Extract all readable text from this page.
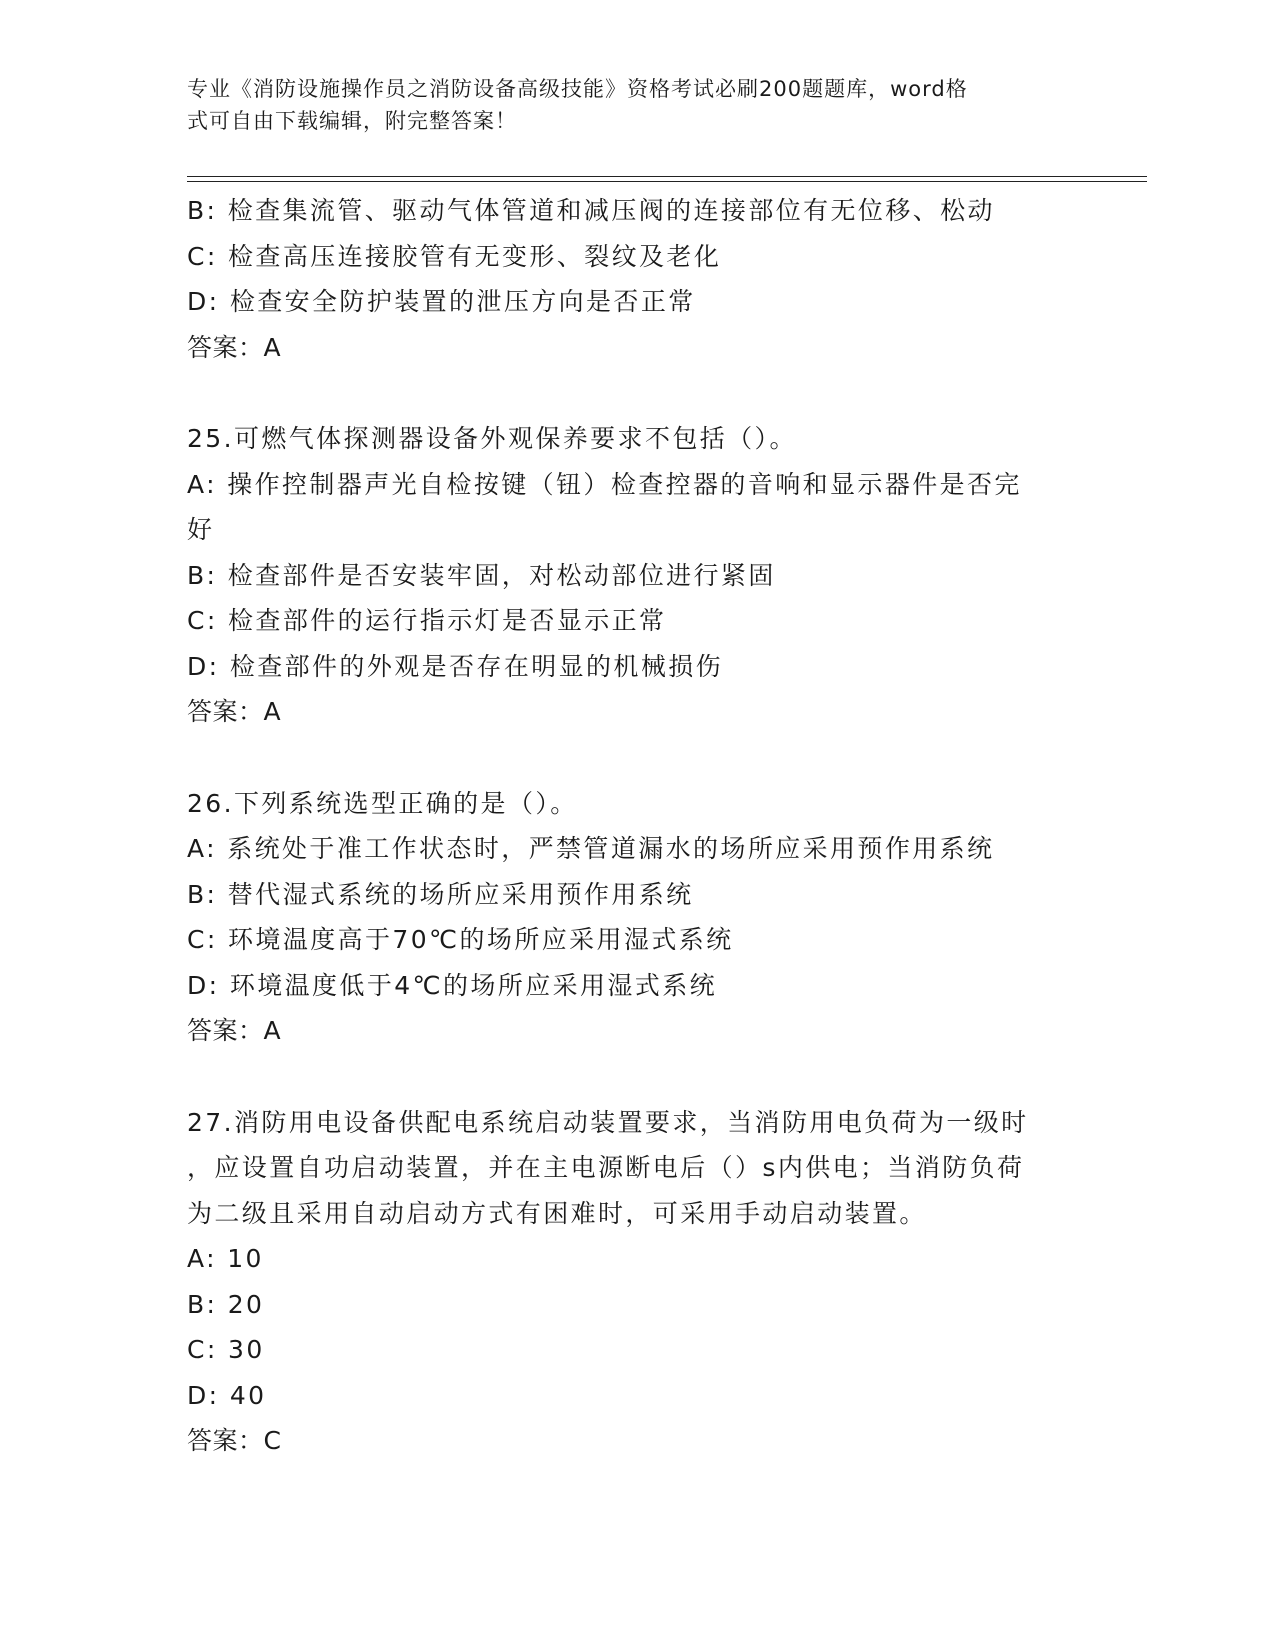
专业《消防设施操作员之消防设备高级技能》资格考试必刷200题题库，word格
式可自由下载编辑，附完整答案！
B: 检查集流管、驱动气体管道和减压阀的连接部位有无位移、松动
C: 检查高压连接胶管有无变形、裂纹及老化
D: 检查安全防护装置的泄压方向是否正常
答案：A
25.可燃气体探测器设备外观保养要求不包括（）。
A: 操作控制器声光自检按键（钮）检查控器的音响和显示器件是否完
好
B: 检查部件是否安装牢固，对松动部位进行紧固
C: 检查部件的运行指示灯是否显示正常
D: 检查部件的外观是否存在明显的机械损伤
答案：A
26.下列系统选型正确的是（）。
A: 系统处于准工作状态时，严禁管道漏水的场所应采用预作用系统
B: 替代湿式系统的场所应采用预作用系统
C: 环境温度高于70℃的场所应采用湿式系统
D: 环境温度低于4℃的场所应采用湿式系统
答案：A
27.消防用电设备供配电系统启动装置要求，当消防用电负荷为一级时
，应设置自功启动装置，并在主电源断电后（）s内供电；当消防负荷
为二级且采用自动启动方式有困难时，可采用手动启动装置。
A: 10
B: 20
C: 30
D: 40
答案：C
